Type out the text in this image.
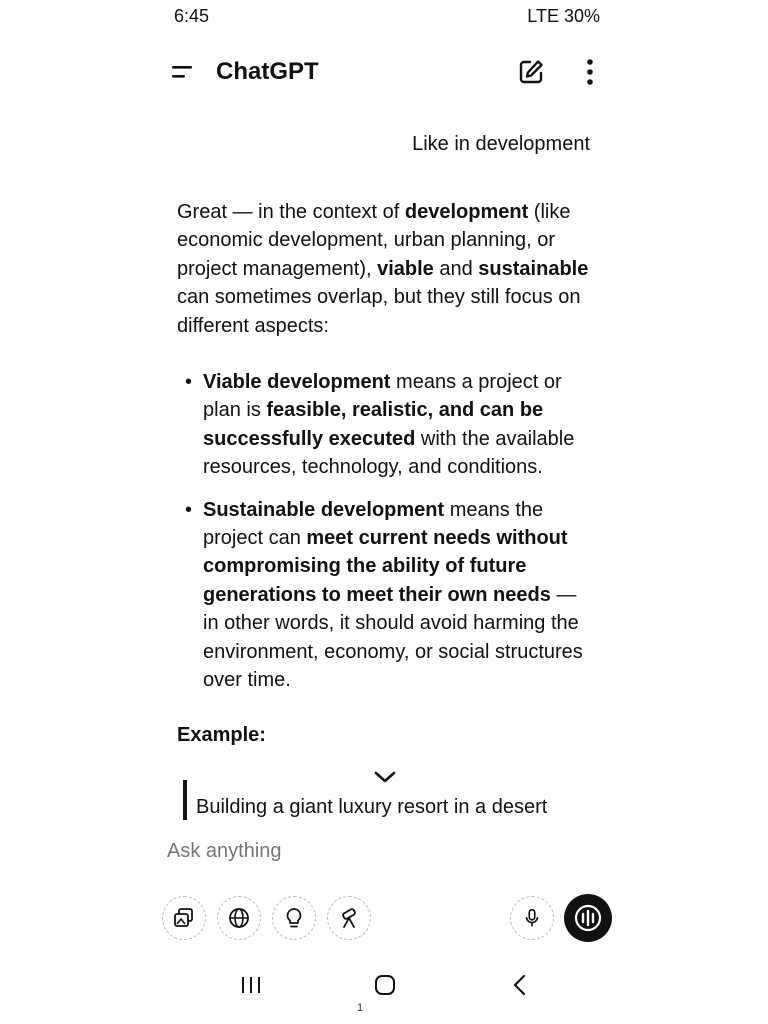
6:45	LTE 30%
ChatGPT
Like in development

Great — in the context of development (like economic development, urban planning, or project management), viable and sustainable can sometimes overlap, but they still focus on different aspects:

• Viable development means a project or plan is feasible, realistic, and can be successfully executed with the available resources, technology, and conditions.
• Sustainable development means the project can meet current needs without compromising the ability of future generations to meet their own needs — in other words, it should avoid harming the environment, economy, or social structures over time.
Example:
Building a giant luxury resort in a desert
Ask anything
1
